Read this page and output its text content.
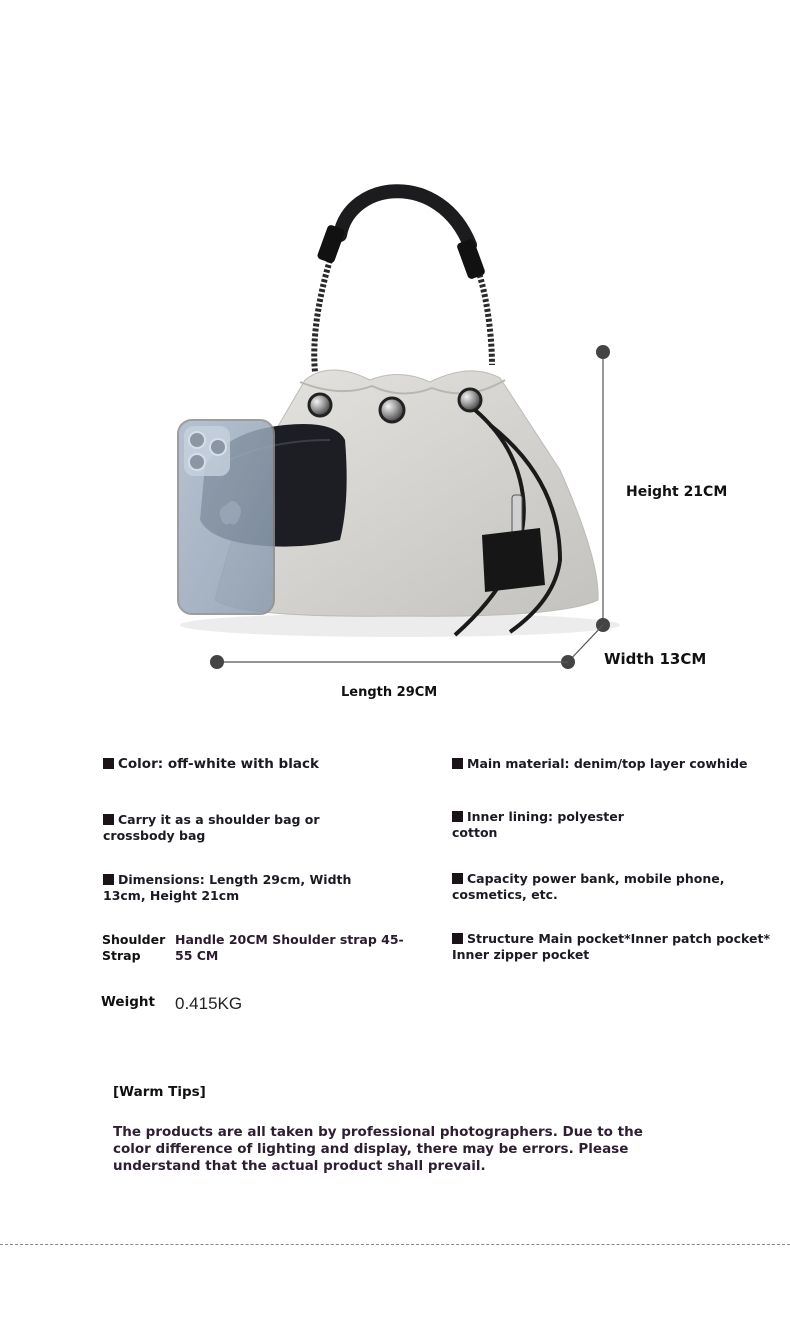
Height 21CM
Width 13CM
Length 29CM
Color: off-white with black
Carry it as a shoulder bag or crossbody bag
Dimensions: Length 29cm, Width 13cm, Height 21cm
Shoulder Strap
Handle 20CM Shoulder strap 45-55 CM
Weight 0.415KG
Main material: denim/top layer cowhide
Inner lining: polyester cotton
Capacity power bank, mobile phone, cosmetics, etc.
Structure Main pocket*Inner patch pocket* Inner zipper pocket
[Warm Tips]
The products are all taken by professional photographers. Due to the color difference of lighting and display, there may be errors. Please understand that the actual product shall prevail.
